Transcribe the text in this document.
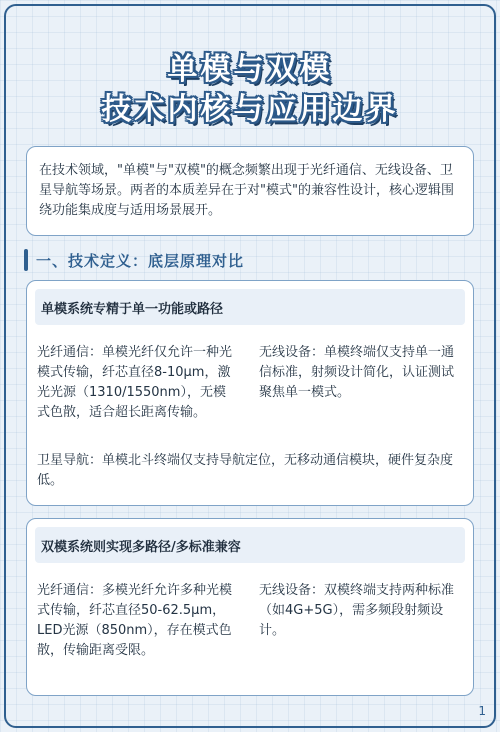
单模与双模
技术内核与应用边界

在技术领域，"单模"与"双模"的概念频繁出现于光纤通信、无线设备、卫星导航等场景。两者的本质差异在于对"模式"的兼容性设计，核心逻辑围绕功能集成度与适用场景展开。

一、技术定义：底层原理对比
单模系统专精于单一功能或路径

光纤通信：单模光纤仅允许一种光模式传输，纤芯直径8-10μm，激光光源（1310/1550nm），无模式色散，适合超长距离传输。

无线设备：单模终端仅支持单一通信标准，射频设计简化，认证测试聚焦单一模式。

卫星导航：单模北斗终端仅支持导航定位，无移动通信模块，硬件复杂度低。

双模系统则实现多路径/多标准兼容

光纤通信：多模光纤允许多种光模式传输，纤芯直径50-62.5μm，LED光源（850nm），存在模式色散，传输距离受限。

无线设备：双模终端支持两种标准（如4G+5G），需多频段射频设计。

1
